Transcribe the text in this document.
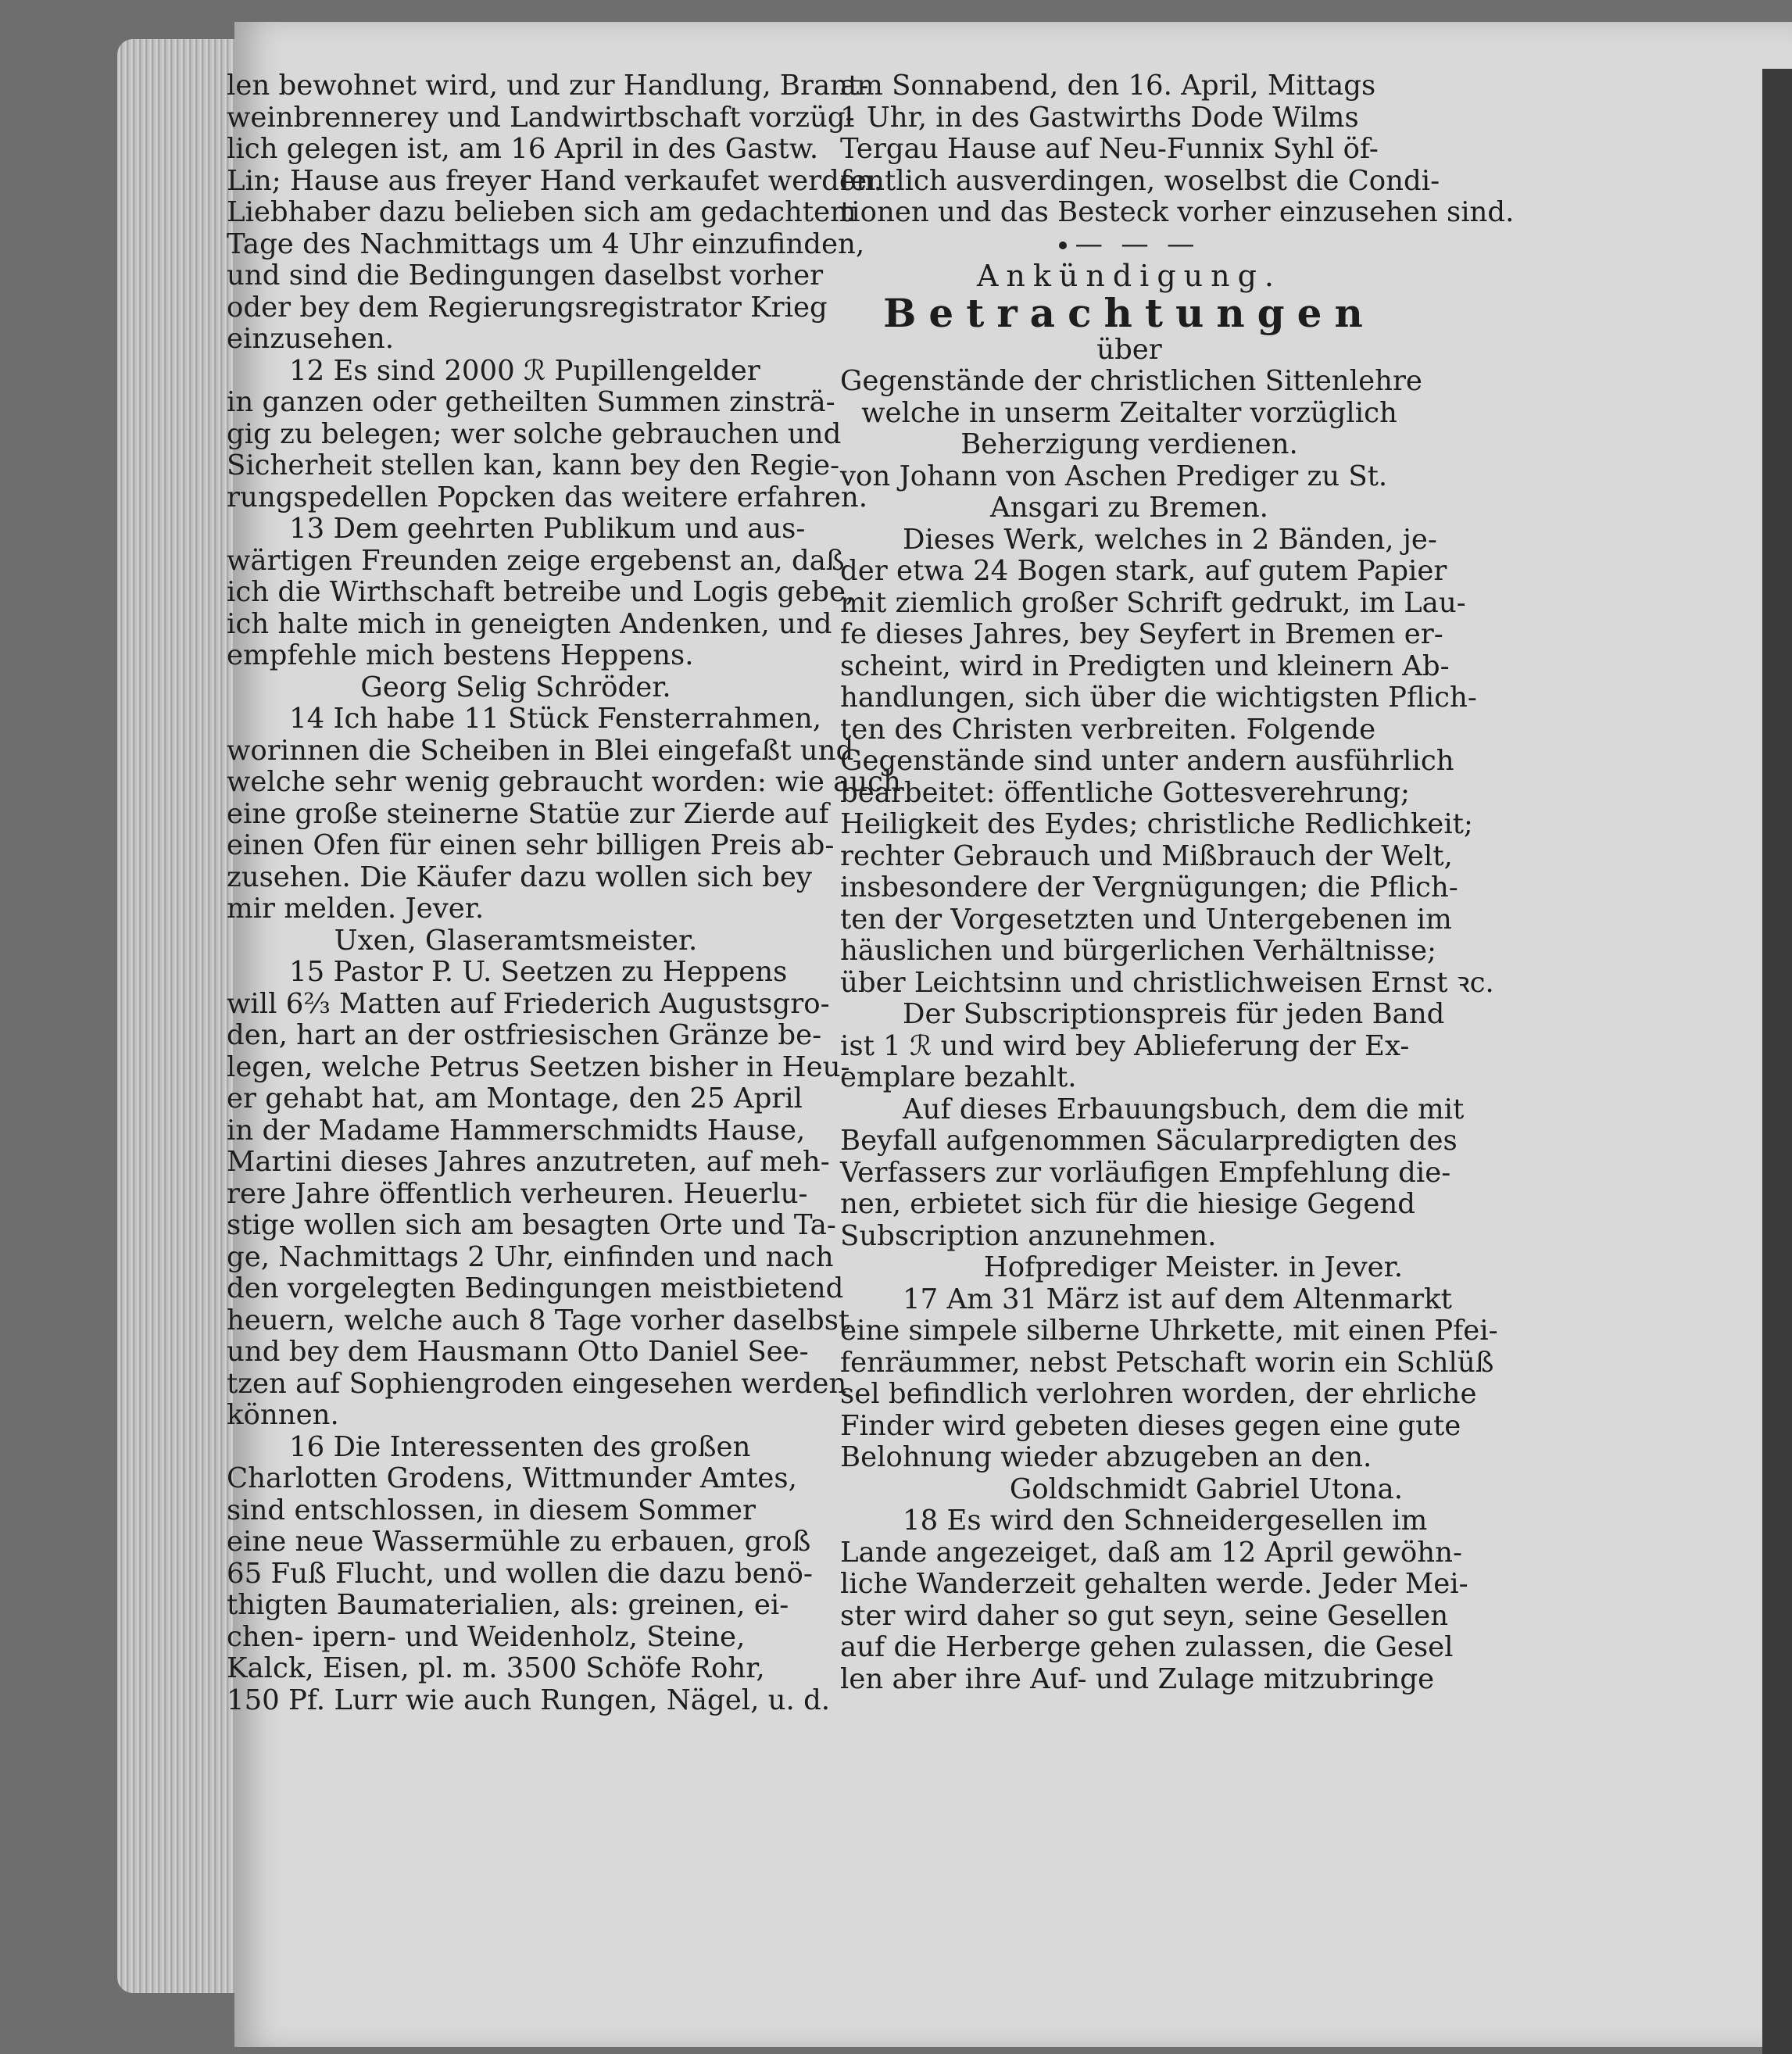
len bewohnet wird, und zur Handlung, Brant-
weinbrennerey und Landwirtbschaft vorzüg-
lich gelegen ist, am 16 April in des Gastw.
Lin; Hause aus freyer Hand verkaufet werden.
Liebhaber dazu belieben sich am gedachtem
Tage des Nachmittags um 4 Uhr einzufinden,
und sind die Bedingungen daselbst vorher
oder bey dem Regierungsregistrator Krieg
einzusehen.
12 Es sind 2000 ℛ Pupillengelder
in ganzen oder getheilten Summen zinsträ-
gig zu belegen; wer solche gebrauchen und
Sicherheit stellen kan, kann bey den Regie-
rungspedellen Popcken das weitere erfahren.
13 Dem geehrten Publikum und aus-
wärtigen Freunden zeige ergebenst an, daß
ich die Wirthschaft betreibe und Logis gebe,
ich halte mich in geneigten Andenken, und
empfehle mich bestens Heppens.
Georg Selig Schröder.
14 Ich habe 11 Stück Fensterrahmen,
worinnen die Scheiben in Blei eingefaßt und
welche sehr wenig gebraucht worden: wie auch
eine große steinerne Statüe zur Zierde auf
einen Ofen für einen sehr billigen Preis ab-
zusehen. Die Käufer dazu wollen sich bey
mir melden. Jever.
Uxen, Glaseramtsmeister.
15 Pastor P. U. Seetzen zu Heppens
will 6⅔ Matten auf Friederich Augustsgro-
den, hart an der ostfriesischen Gränze be-
legen, welche Petrus Seetzen bisher in Heu-
er gehabt hat, am Montage, den 25 April
in der Madame Hammerschmidts Hause,
Martini dieses Jahres anzutreten, auf meh-
rere Jahre öffentlich verheuren. Heuerlu-
stige wollen sich am besagten Orte und Ta-
ge, Nachmittags 2 Uhr, einfinden und nach
den vorgelegten Bedingungen meistbietend
heuern, welche auch 8 Tage vorher daselbst
und bey dem Hausmann Otto Daniel See-
tzen auf Sophiengroden eingesehen werden
können.
16 Die Interessenten des großen
Charlotten Grodens, Wittmunder Amtes,
sind entschlossen, in diesem Sommer
eine neue Wassermühle zu erbauen, groß
65 Fuß Flucht, und wollen die dazu benö-
thigten Baumaterialien, als: greinen, ei-
chen- ipern- und Weidenholz, Steine,
Kalck, Eisen, pl. m. 3500 Schöfe Rohr,
150 Pf. Lurr wie auch Rungen, Nägel, u. d.
am Sonnabend, den 16. April, Mittags
1 Uhr, in des Gastwirths Dode Wilms
Tergau Hause auf Neu-Funnix Syhl öf-
fentlich ausverdingen, woselbst die Condi-
tionen und das Besteck vorher einzusehen sind.
— — —
Ankündigung.
Betrachtungen
über
Gegenstände der christlichen Sittenlehre
welche in unserm Zeitalter vorzüglich
Beherzigung verdienen.
von Johann von Aschen Prediger zu St.
Ansgari zu Bremen.
Dieses Werk, welches in 2 Bänden, je-
der etwa 24 Bogen stark, auf gutem Papier
mit ziemlich großer Schrift gedrukt, im Lau-
fe dieses Jahres, bey Seyfert in Bremen er-
scheint, wird in Predigten und kleinern Ab-
handlungen, sich über die wichtigsten Pflich-
ten des Christen verbreiten. Folgende
Gegenstände sind unter andern ausführlich
bearbeitet: öffentliche Gottesverehrung;
Heiligkeit des Eydes; christliche Redlichkeit;
rechter Gebrauch und Mißbrauch der Welt,
insbesondere der Vergnügungen; die Pflich-
ten der Vorgesetzten und Untergebenen im
häuslichen und bürgerlichen Verhältnisse;
über Leichtsinn und christlichweisen Ernst ꝛc.
Der Subscriptionspreis für jeden Band
ist 1 ℛ und wird bey Ablieferung der Ex-
emplare bezahlt.
Auf dieses Erbauungsbuch, dem die mit
Beyfall aufgenommen Säcularpredigten des
Verfassers zur vorläufigen Empfehlung die-
nen, erbietet sich für die hiesige Gegend
Subscription anzunehmen.
Hofprediger Meister. in Jever.
17 Am 31 März ist auf dem Altenmarkt
eine simpele silberne Uhrkette, mit einen Pfei-
fenräummer, nebst Petschaft worin ein Schlüß
sel befindlich verlohren worden, der ehrliche
Finder wird gebeten dieses gegen eine gute
Belohnung wieder abzugeben an den.
Goldschmidt Gabriel Utona.
18 Es wird den Schneidergesellen im
Lande angezeiget, daß am 12 April gewöhn-
liche Wanderzeit gehalten werde. Jeder Mei-
ster wird daher so gut seyn, seine Gesellen
auf die Herberge gehen zulassen, die Gesel
len aber ihre Auf- und Zulage mitzubringe
